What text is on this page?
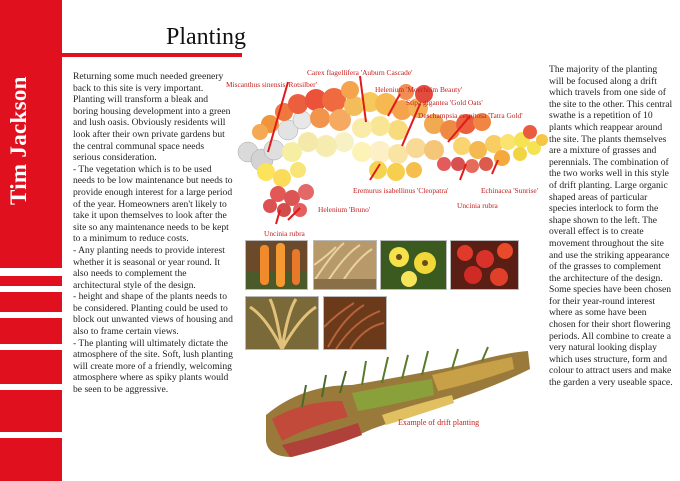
Tim Jackson
Planting

Returning some much needed greenery back to this site is very important. Planting will transform a bleak and boring housing development into a green and lush oasis. Obviously residents will look after their own private gardens but the central communal space needs serious consideration.

- The vegetation which is to be used needs to be low maintenance but needs to provide enough interest for a large period of the year. Homeowners aren't likely to take it upon themselves to look after the site so any maintenance needs to be kept to a minimum to reduce costs.

- Any planting needs to provide interest whether it is seasonal or year round. It also needs to complement the architectural style of the design.

- height and shape of the plants needs to be considered. Planting could be used to block out unwanted views of housing and also to frame certain views.

- The planting will ultimately dictate the atmosphere of the site. Soft, lush planting will create more of a friendly, welcoming atmosphere where as spiky plants would be seen to be aggressive.

The majority of the planting will be focused along a drift which travels from one side of the site to the other. This central swathe is a repetition of 10 plants which reappear around the site. The plants themselves are a mixture of grasses and perennials. The combination of the two works well in this style of drift planting. Large organic shaped areas of particular species interlock to form the shape shown to the left. The overall effect is to create movement throughout the site and use the striking appearance of the grasses to complement the architecture of the design. Some species have been chosen for their year-round interest where as some have been chosen for their short flowering periods. All combine to create a very natural looking display which uses structure, form and colour to attract users and make the garden a very useable space.
Carex flagellifera 'Auburn Cascade'
Miscanthus sinensis 'Rotsilber'
Helenium 'Moerheim Beauty'
Stipa gigantea 'Gold Oats'
Deschampsia cespitosa 'Tatra Gold'
Eremurus isabellinus 'Cleopatra'	Echinacea 'Sunrise'
Uncinia rubra
Helenium 'Bruno'
Uncinia rubra
Example of drift planting
